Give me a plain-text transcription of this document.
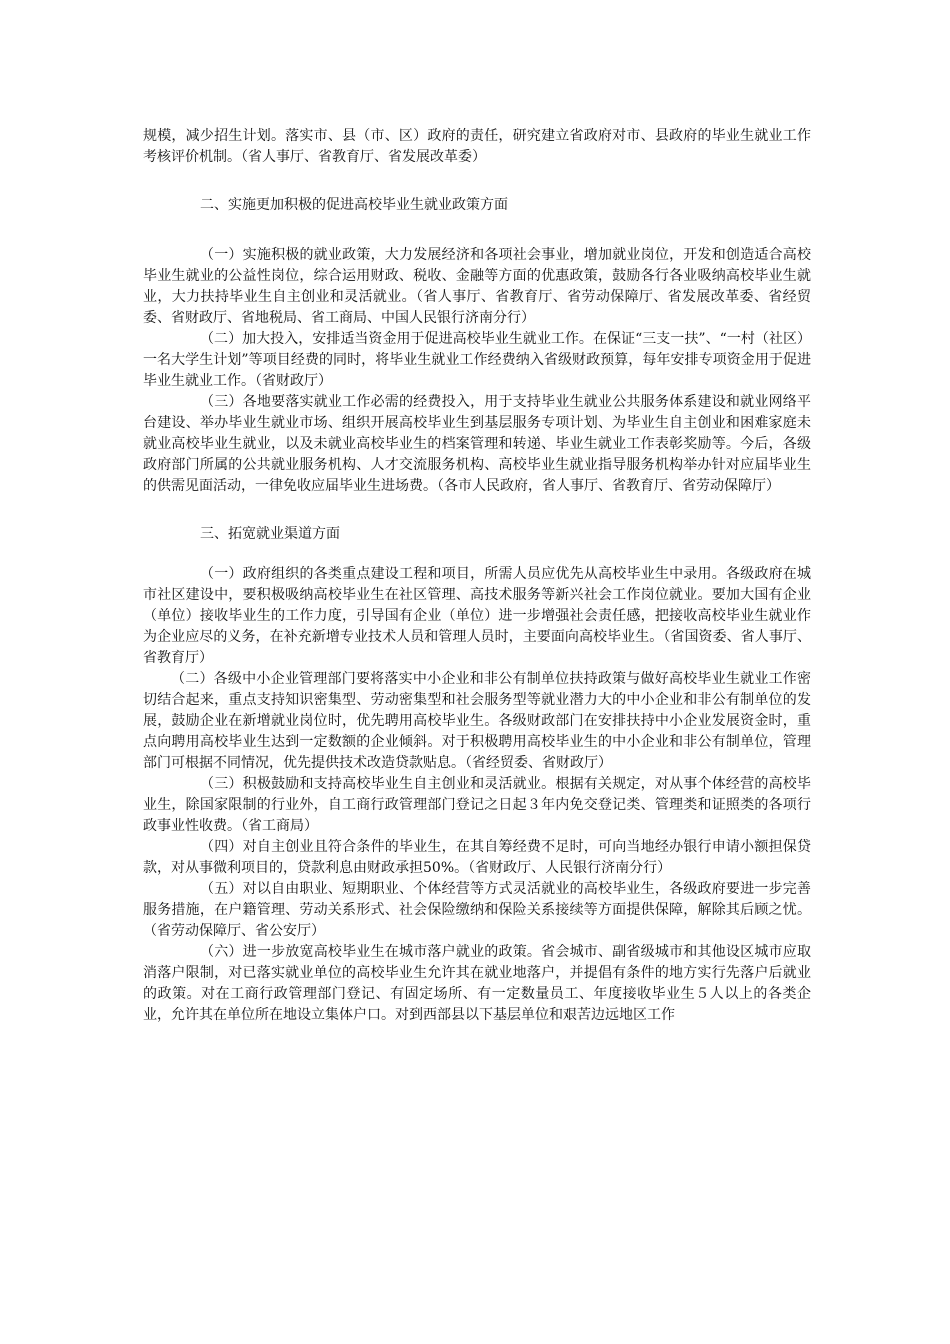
规模，减少招生计划。落实市、县（市、区）政府的责任，研究建立省政府对市、县政府的毕业生就业工作考核评价机制。（省人事厅、省教育厅、省发展改革委）

二、实施更加积极的促进高校毕业生就业政策方面

（一）实施积极的就业政策，大力发展经济和各项社会事业，增加就业岗位，开发和创造适合高校毕业生就业的公益性岗位，综合运用财政、税收、金融等方面的优惠政策，鼓励各行各业吸纳高校毕业生就业，大力扶持毕业生自主创业和灵活就业。（省人事厅、省教育厅、省劳动保障厅、省发展改革委、省经贸委、省财政厅、省地税局、省工商局、中国人民银行济南分行）

（二）加大投入，安排适当资金用于促进高校毕业生就业工作。在保证“三支一扶”、“一村（社区）一名大学生计划”等项目经费的同时，将毕业生就业工作经费纳入省级财政预算，每年安排专项资金用于促进毕业生就业工作。（省财政厅）

（三）各地要落实就业工作必需的经费投入，用于支持毕业生就业公共服务体系建设和就业网络平台建设、举办毕业生就业市场、组织开展高校毕业生到基层服务专项计划、为毕业生自主创业和困难家庭未就业高校毕业生就业，以及未就业高校毕业生的档案管理和转递、毕业生就业工作表彰奖励等。今后，各级政府部门所属的公共就业服务机构、人才交流服务机构、高校毕业生就业指导服务机构举办针对应届毕业生的供需见面活动，一律免收应届毕业生进场费。（各市人民政府，省人事厅、省教育厅、省劳动保障厅）

三、拓宽就业渠道方面

（一）政府组织的各类重点建设工程和项目，所需人员应优先从高校毕业生中录用。各级政府在城市社区建设中，要积极吸纳高校毕业生在社区管理、高技术服务等新兴社会工作岗位就业。要加大国有企业（单位）接收毕业生的工作力度，引导国有企业（单位）进一步增强社会责任感，把接收高校毕业生就业作为企业应尽的义务，在补充新增专业技术人员和管理人员时，主要面向高校毕业生。（省国资委、省人事厅、省教育厅）

（二）各级中小企业管理部门要将落实中小企业和非公有制单位扶持政策与做好高校毕业生就业工作密切结合起来，重点支持知识密集型、劳动密集型和社会服务型等就业潜力大的中小企业和非公有制单位的发展，鼓励企业在新增就业岗位时，优先聘用高校毕业生。各级财政部门在安排扶持中小企业发展资金时，重点向聘用高校毕业生达到一定数额的企业倾斜。对于积极聘用高校毕业生的中小企业和非公有制单位，管理部门可根据不同情况，优先提供技术改造贷款贴息。（省经贸委、省财政厅）

（三）积极鼓励和支持高校毕业生自主创业和灵活就业。根据有关规定，对从事个体经营的高校毕业生，除国家限制的行业外，自工商行政管理部门登记之日起３年内免交登记类、管理类和证照类的各项行政事业性收费。（省工商局）

（四）对自主创业且符合条件的毕业生，在其自筹经费不足时，可向当地经办银行申请小额担保贷款，对从事微利项目的，贷款利息由财政承担50%。（省财政厅、人民银行济南分行）

（五）对以自由职业、短期职业、个体经营等方式灵活就业的高校毕业生，各级政府要进一步完善服务措施，在户籍管理、劳动关系形式、社会保险缴纳和保险关系接续等方面提供保障，解除其后顾之忧。（省劳动保障厅、省公安厅）

（六）进一步放宽高校毕业生在城市落户就业的政策。省会城市、副省级城市和其他设区城市应取消落户限制，对已落实就业单位的高校毕业生允许其在就业地落户，并提倡有条件的地方实行先落户后就业的政策。对在工商行政管理部门登记、有固定场所、有一定数量员工、年度接收毕业生５人以上的各类企业，允许其在单位所在地设立集体户口。对到西部县以下基层单位和艰苦边远地区工作
